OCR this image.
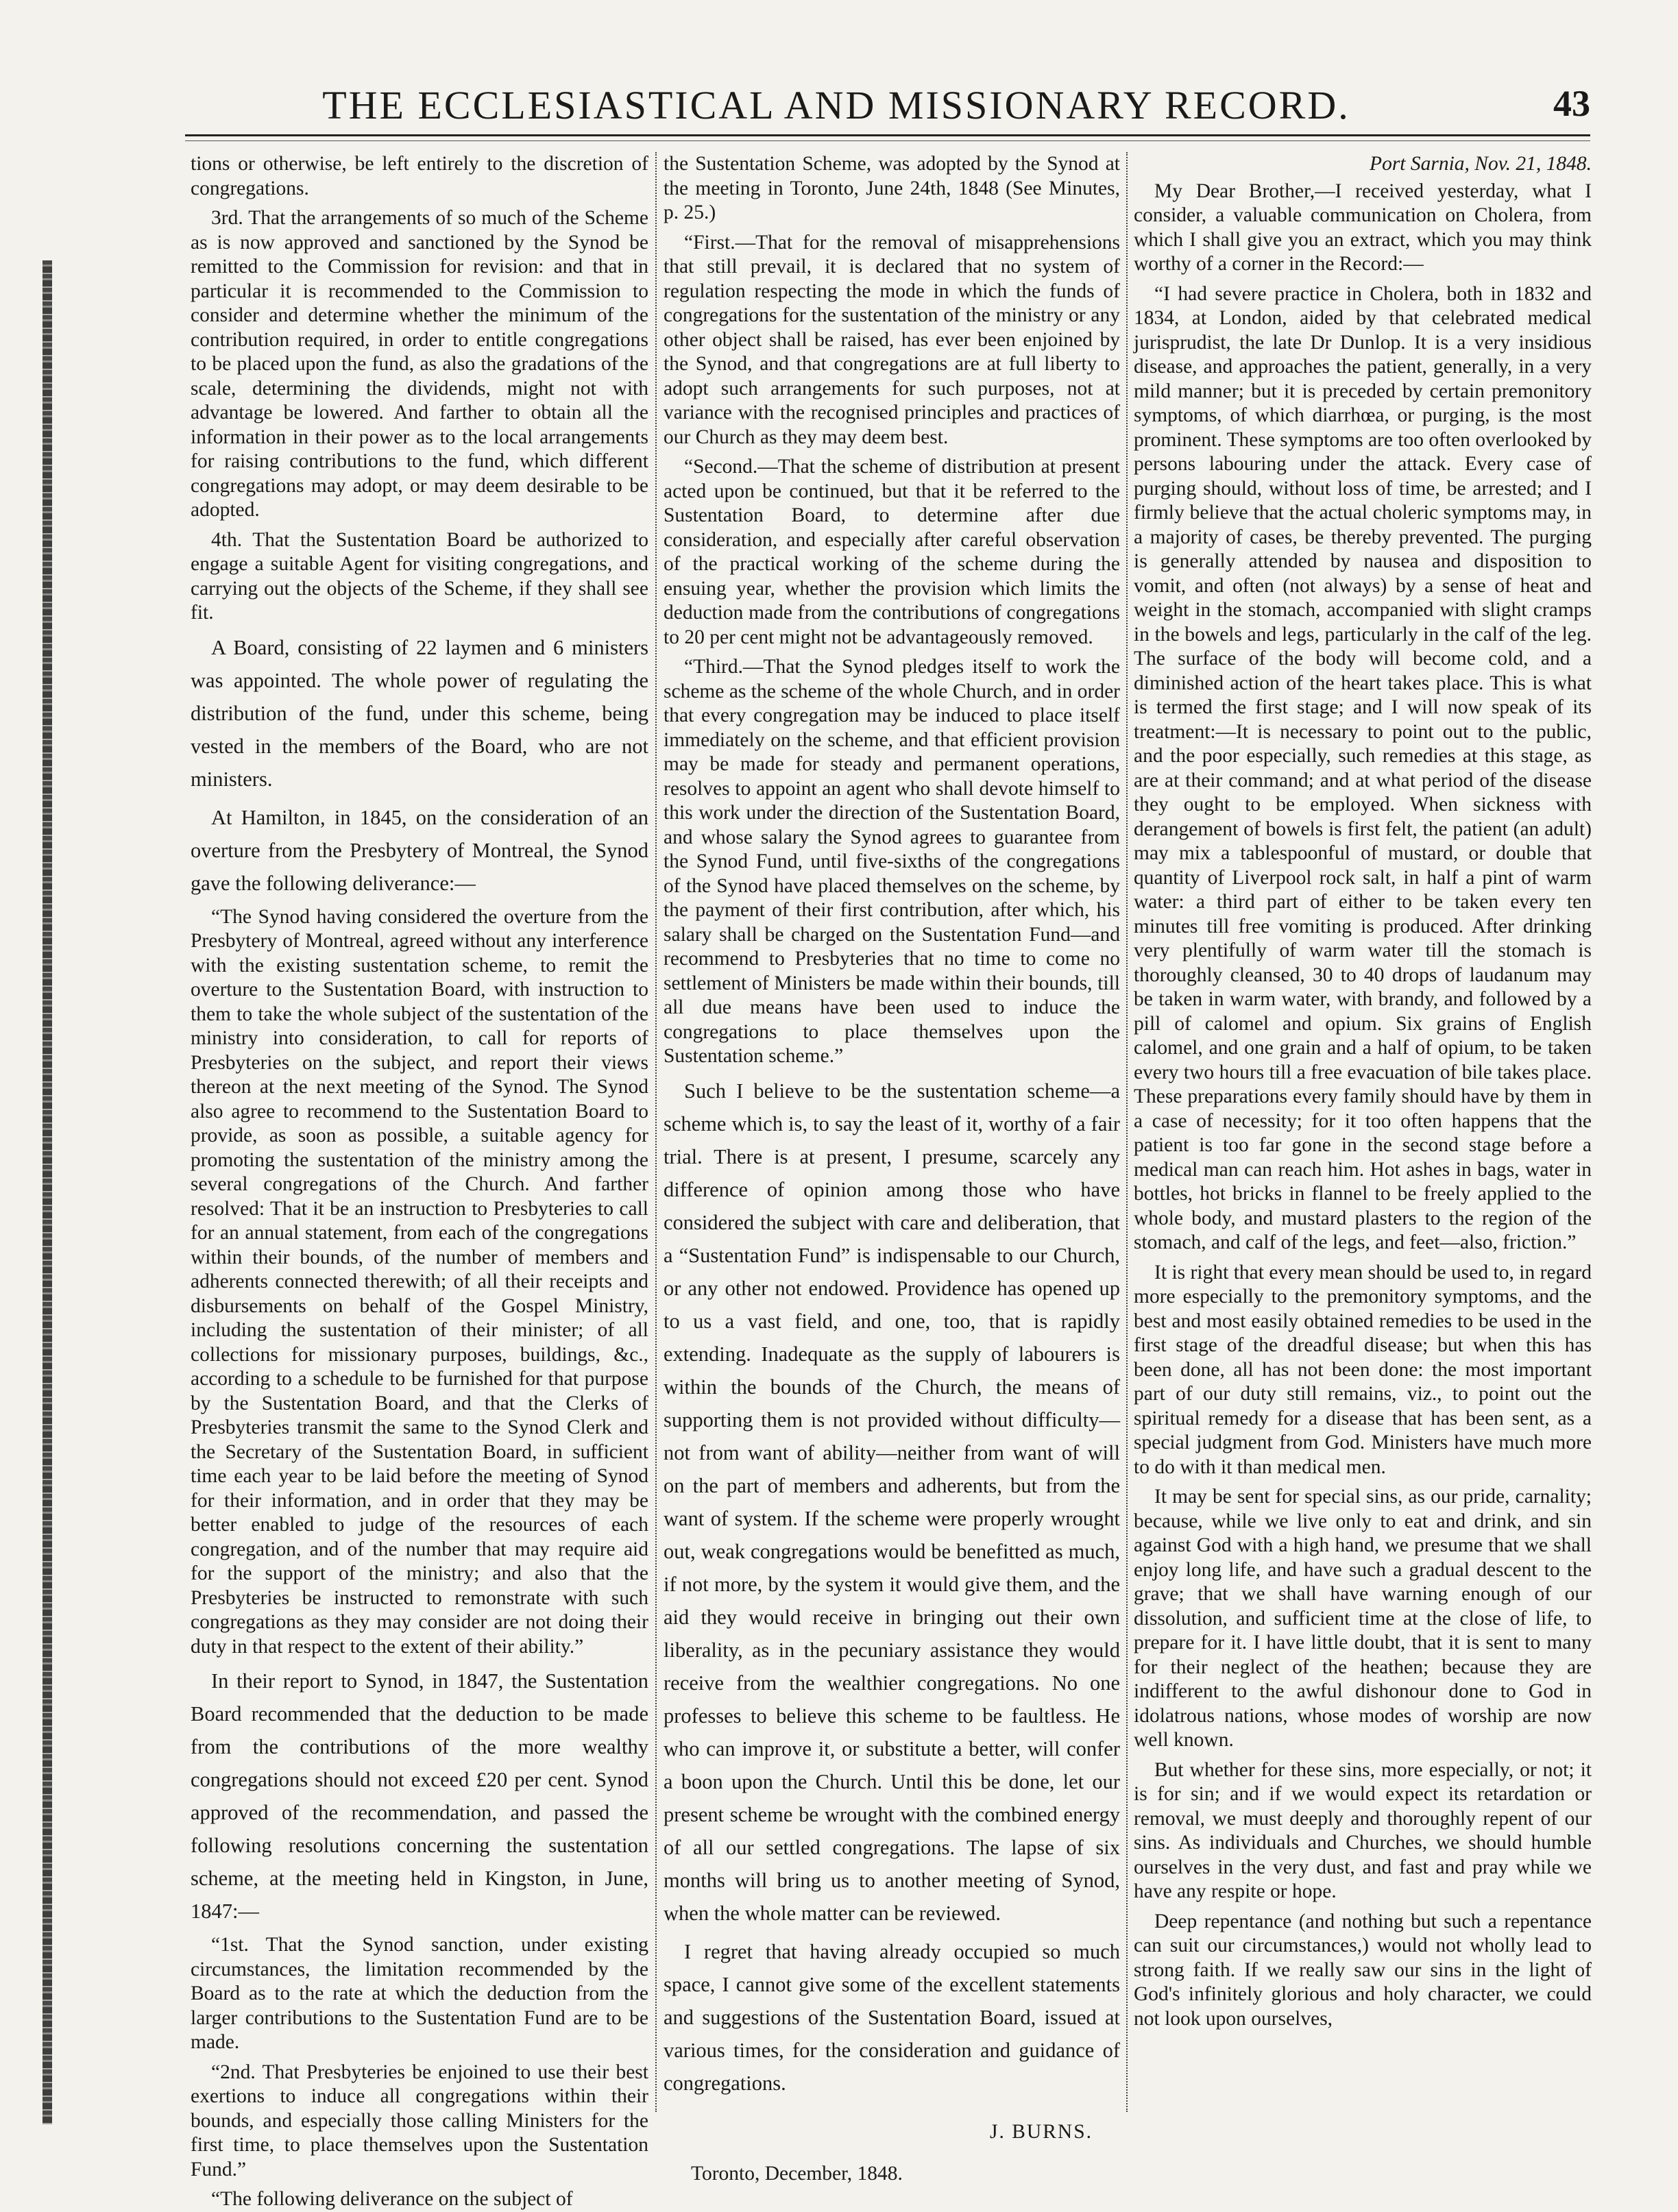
THE ECCLESIASTICAL AND MISSIONARY RECORD.	43

tions or otherwise, be left entirely to the discretion of congregations.

3rd. That the arrangements of so much of the Scheme as is now approved and sanctioned by the Synod be remitted to the Commission for revision: and that in particular it is recommended to the Commission to consider and determine whether the minimum of the contribution required, in order to entitle congregations to be placed upon the fund, as also the gradations of the scale, determining the dividends, might not with advantage be lowered. And farther to obtain all the information in their power as to the local arrangements for raising contributions to the fund, which different congregations may adopt, or may deem desirable to be adopted.

4th. That the Sustentation Board be authorized to engage a suitable Agent for visiting congregations, and carrying out the objects of the Scheme, if they shall see fit.

A Board, consisting of 22 laymen and 6 ministers was appointed. The whole power of regulating the distribution of the fund, under this scheme, being vested in the members of the Board, who are not ministers.

At Hamilton, in 1845, on the consideration of an overture from the Presbytery of Montreal, the Synod gave the following deliverance:—

“The Synod having considered the overture from the Presbytery of Montreal, agreed without any interference with the existing sustentation scheme, to remit the overture to the Sustentation Board, with instruction to them to take the whole subject of the sustentation of the ministry into consideration, to call for reports of Presbyteries on the subject, and report their views thereon at the next meeting of the Synod. The Synod also agree to recommend to the Sustentation Board to provide, as soon as possible, a suitable agency for promoting the sustentation of the ministry among the several congregations of the Church. And farther resolved: That it be an instruction to Presbyteries to call for an annual statement, from each of the congregations within their bounds, of the number of members and adherents connected therewith; of all their receipts and disbursements on behalf of the Gospel Ministry, including the sustentation of their minister; of all collections for missionary purposes, buildings, &c., according to a schedule to be furnished for that purpose by the Sustentation Board, and that the Clerks of Presbyteries transmit the same to the Synod Clerk and the Secretary of the Sustentation Board, in sufficient time each year to be laid before the meeting of Synod for their information, and in order that they may be better enabled to judge of the resources of each congregation, and of the number that may require aid for the support of the ministry; and also that the Presbyteries be instructed to remonstrate with such congregations as they may consider are not doing their duty in that respect to the extent of their ability.”

In their report to Synod, in 1847, the Sustentation Board recommended that the deduction to be made from the contributions of the more wealthy congregations should not exceed £20 per cent. Synod approved of the recommendation, and passed the following resolutions concerning the sustentation scheme, at the meeting held in Kingston, in June, 1847:—

“1st. That the Synod sanction, under existing circumstances, the limitation recommended by the Board as to the rate at which the deduction from the larger contributions to the Sustentation Fund are to be made.

“2nd. That Presbyteries be enjoined to use their best exertions to induce all congregations within their bounds, and especially those calling Ministers for the first time, to place themselves upon the Sustentation Fund.”

“The following deliverance on the subject of

the Sustentation Scheme, was adopted by the Synod at the meeting in Toronto, June 24th, 1848 (See Minutes, p. 25.)

“First.—That for the removal of misapprehensions that still prevail, it is declared that no system of regulation respecting the mode in which the funds of congregations for the sustentation of the ministry or any other object shall be raised, has ever been enjoined by the Synod, and that congregations are at full liberty to adopt such arrangements for such purposes, not at variance with the recognised principles and practices of our Church as they may deem best.

“Second.—That the scheme of distribution at present acted upon be continued, but that it be referred to the Sustentation Board, to determine after due consideration, and especially after careful observation of the practical working of the scheme during the ensuing year, whether the provision which limits the deduction made from the contributions of congregations to 20 per cent might not be advantageously removed.

“Third.—That the Synod pledges itself to work the scheme as the scheme of the whole Church, and in order that every congregation may be induced to place itself immediately on the scheme, and that efficient provision may be made for steady and permanent operations, resolves to appoint an agent who shall devote himself to this work under the direction of the Sustentation Board, and whose salary the Synod agrees to guarantee from the Synod Fund, until five-sixths of the congregations of the Synod have placed themselves on the scheme, by the payment of their first contribution, after which, his salary shall be charged on the Sustentation Fund—and recommend to Presbyteries that no time to come no settlement of Ministers be made within their bounds, till all due means have been used to induce the congregations to place themselves upon the Sustentation scheme.”

Such I believe to be the sustentation scheme—a scheme which is, to say the least of it, worthy of a fair trial. There is at present, I presume, scarcely any difference of opinion among those who have considered the subject with care and deliberation, that a “Sustentation Fund” is indispensable to our Church, or any other not endowed. Providence has opened up to us a vast field, and one, too, that is rapidly extending. Inadequate as the supply of labourers is within the bounds of the Church, the means of supporting them is not provided without difficulty—not from want of ability—neither from want of will on the part of members and adherents, but from the want of system. If the scheme were properly wrought out, weak congregations would be benefitted as much, if not more, by the system it would give them, and the aid they would receive in bringing out their own liberality, as in the pecuniary assistance they would receive from the wealthier congregations. No one professes to believe this scheme to be faultless. He who can improve it, or substitute a better, will confer a boon upon the Church. Until this be done, let our present scheme be wrought with the combined energy of all our settled congregations. The lapse of six months will bring us to another meeting of Synod, when the whole matter can be reviewed.

I regret that having already occupied so much space, I cannot give some of the excellent statements and suggestions of the Sustentation Board, issued at various times, for the consideration and guidance of congregations.

J. BURNS.
Toronto, December, 1848.
Port Sarnia, Nov. 21, 1848.

My Dear Brother,—I received yesterday, what I consider, a valuable communication on Cholera, from which I shall give you an extract, which you may think worthy of a corner in the Record:—

“I had severe practice in Cholera, both in 1832 and 1834, at London, aided by that celebrated medical jurisprudist, the late Dr Dunlop. It is a very insidious disease, and approaches the patient, generally, in a very mild manner; but it is preceded by certain premonitory symptoms, of which diarrhœa, or purging, is the most prominent. These symptoms are too often overlooked by persons labouring under the attack. Every case of purging should, without loss of time, be arrested; and I firmly believe that the actual choleric symptoms may, in a majority of cases, be thereby prevented. The purging is generally attended by nausea and disposition to vomit, and often (not always) by a sense of heat and weight in the stomach, accompanied with slight cramps in the bowels and legs, particularly in the calf of the leg. The surface of the body will become cold, and a diminished action of the heart takes place. This is what is termed the first stage; and I will now speak of its treatment:—It is necessary to point out to the public, and the poor especially, such remedies at this stage, as are at their command; and at what period of the disease they ought to be employed. When sickness with derangement of bowels is first felt, the patient (an adult) may mix a tablespoonful of mustard, or double that quantity of Liverpool rock salt, in half a pint of warm water: a third part of either to be taken every ten minutes till free vomiting is produced. After drinking very plentifully of warm water till the stomach is thoroughly cleansed, 30 to 40 drops of laudanum may be taken in warm water, with brandy, and followed by a pill of calomel and opium. Six grains of English calomel, and one grain and a half of opium, to be taken every two hours till a free evacuation of bile takes place. These preparations every family should have by them in a case of necessity; for it too often happens that the patient is too far gone in the second stage before a medical man can reach him. Hot ashes in bags, water in bottles, hot bricks in flannel to be freely applied to the whole body, and mustard plasters to the region of the stomach, and calf of the legs, and feet—also, friction.”

It is right that every mean should be used to, in regard more especially to the premonitory symptoms, and the best and most easily obtained remedies to be used in the first stage of the dreadful disease; but when this has been done, all has not been done: the most important part of our duty still remains, viz., to point out the spiritual remedy for a disease that has been sent, as a special judgment from God. Ministers have much more to do with it than medical men.

It may be sent for special sins, as our pride, carnality; because, while we live only to eat and drink, and sin against God with a high hand, we presume that we shall enjoy long life, and have such a gradual descent to the grave; that we shall have warning enough of our dissolution, and sufficient time at the close of life, to prepare for it. I have little doubt, that it is sent to many for their neglect of the heathen; because they are indifferent to the awful dishonour done to God in idolatrous nations, whose modes of worship are now well known.

But whether for these sins, more especially, or not; it is for sin; and if we would expect its retardation or removal, we must deeply and thoroughly repent of our sins. As individuals and Churches, we should humble ourselves in the very dust, and fast and pray while we have any respite or hope.

Deep repentance (and nothing but such a repentance can suit our circumstances,) would not wholly lead to strong faith. If we really saw our sins in the light of God's infinitely glorious and holy character, we could not look upon ourselves,
